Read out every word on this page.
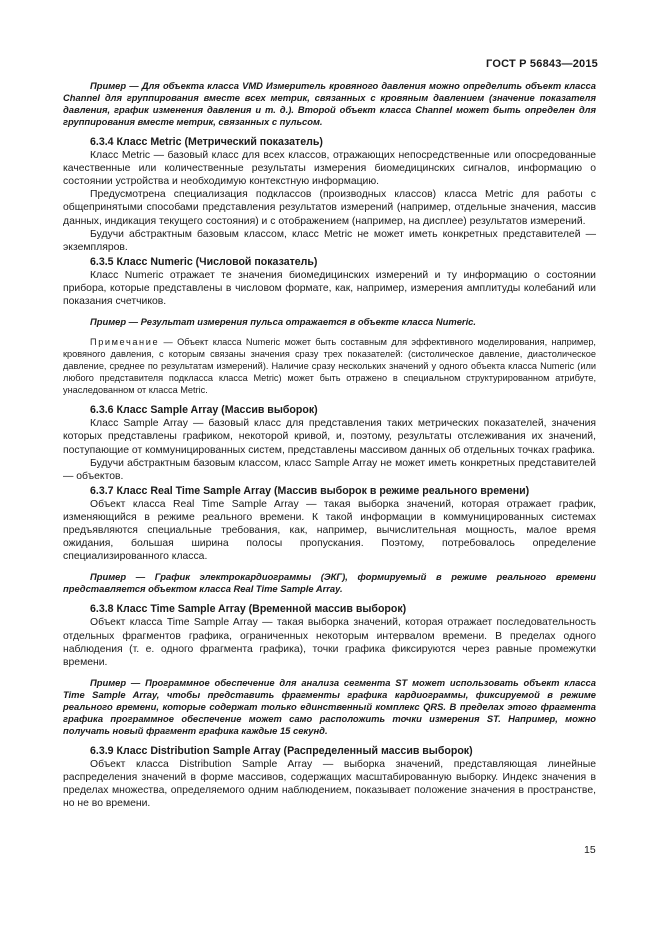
ГОСТ Р 56843—2015

Пример — Для объекта класса VMD Измеритель кровяного давления можно определить объект класса Channel для группирования вместе всех метрик, связанных с кровяным давлением (значение показателя давления, график изменения давления и т. д.). Второй объект класса Channel может быть определен для группирования вместе метрик, связанных с пульсом.

6.3.4 Класс Metric (Метрический показатель)

Класс Metric — базовый класс для всех классов, отражающих непосредственные или опосредованные качественные или количественные результаты измерения биомедицинских сигналов, информацию о состоянии устройства и необходимую контекстную информацию.

Предусмотрена специализация подклассов (производных классов) класса Metric для работы с общепринятыми способами представления результатов измерений (например, отдельные значения, массив данных, индикация текущего состояния) и с отображением (например, на дисплее) результатов измерений.

Будучи абстрактным базовым классом, класс Metric не может иметь конкретных представителей — экземпляров.

6.3.5 Класс Numeric (Числовой показатель)

Класс Numeric отражает те значения биомедицинских измерений и ту информацию о состоянии прибора, которые представлены в числовом формате, как, например, измерения амплитуды колебаний или показания счетчиков.

Пример — Результат измерения пульса отражается в объекте класса Numeric.

Примечание — Объект класса Numeric может быть составным для эффективного моделирования, например, кровяного давления, с которым связаны значения сразу трех показателей: (систолическое давление, диастолическое давление, среднее по результатам измерений). Наличие сразу нескольких значений у одного объекта класса Numeric (или любого представителя подкласса класса Metric) может быть отражено в специальном структурированном атрибуте, унаследованном от класса Metric.

6.3.6 Класс Sample Array (Массив выборок)

Класс Sample Array — базовый класс для представления таких метрических показателей, значения которых представлены графиком, некоторой кривой, и, поэтому, результаты отслеживания их значений, поступающие от коммуницированных систем, представлены массивом данных об отдельных точках графика.

Будучи абстрактным базовым классом, класс Sample Array не может иметь конкретных представителей — объектов.

6.3.7 Класс Real Time Sample Array (Массив выборок в режиме реального времени)

Объект класса Real Time Sample Array — такая выборка значений, которая отражает график, изменяющийся в режиме реального времени. К такой информации в коммуницированных системах предъявляются специальные требования, как, например, вычислительная мощность, малое время ожидания, большая ширина полосы пропускания. Поэтому, потребовалось определение специализированного класса.

Пример — График электрокардиограммы (ЭКГ), формируемый в режиме реального времени представляется объектом класса Real Time Sample Array.

6.3.8 Класс Time Sample Array (Временной массив выборок)

Объект класса Time Sample Array — такая выборка значений, которая отражает последовательность отдельных фрагментов графика, ограниченных некоторым интервалом времени. В пределах одного наблюдения (т. е. одного фрагмента графика), точки графика фиксируются через равные промежутки времени.

Пример — Программное обеспечение для анализа сегмента ST может использовать объект класса Time Sample Array, чтобы представить фрагменты графика кардиограммы, фиксируемой в режиме реального времени, которые содержат только единственный комплекс QRS. В пределах этого фрагмента графика программное обеспечение может само расположить точки измерения ST. Например, можно получать новый фрагмент графика каждые 15 секунд.

6.3.9 Класс Distribution Sample Array (Распределенный массив выборок)

Объект класса Distribution Sample Array — выборка значений, представляющая линейные распределения значений в форме массивов, содержащих масштабированную выборку. Индекс значения в пределах множества, определяемого одним наблюдением, показывает положение значения в пространстве, но не во времени.

15
